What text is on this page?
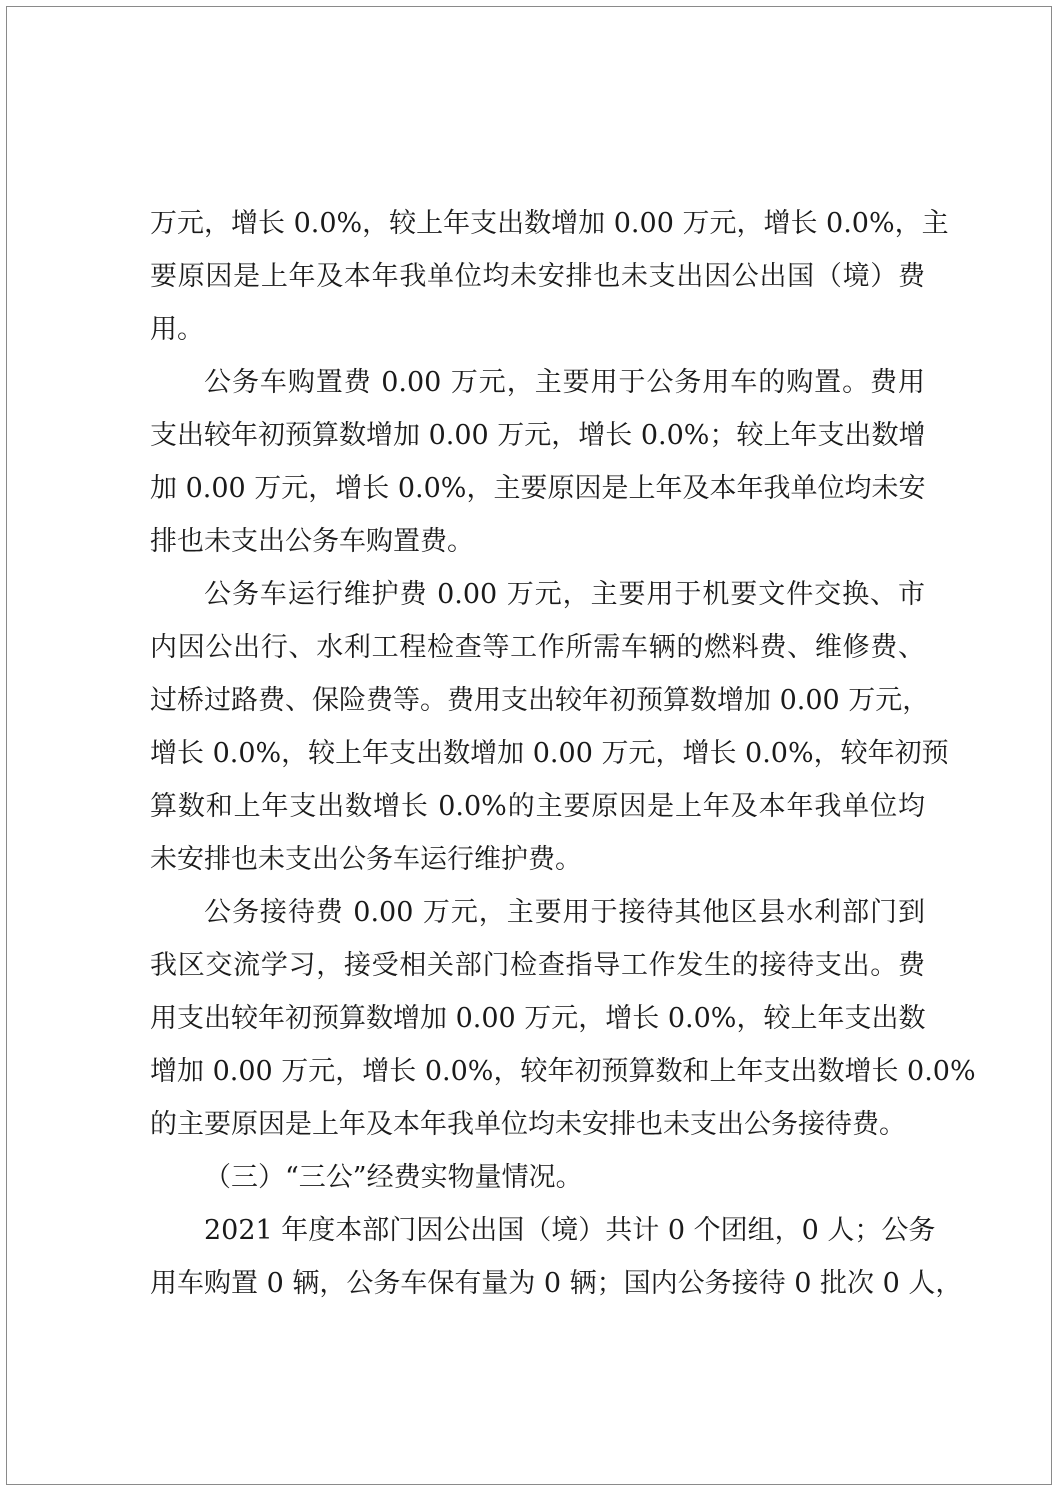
万元，增长 0.0%，较上年支出数增加 0.00 万元，增长 0.0%，主
要原因是上年及本年我单位均未安排也未支出因公出国（境）费
用。
公务车购置费 0.00 万元，主要用于公务用车的购置。费用
支出较年初预算数增加 0.00 万元，增长 0.0%；较上年支出数增
加 0.00 万元，增长 0.0%，主要原因是上年及本年我单位均未安
排也未支出公务车购置费。
公务车运行维护费 0.00 万元，主要用于机要文件交换、市
内因公出行、水利工程检查等工作所需车辆的燃料费、维修费、
过桥过路费、保险费等。费用支出较年初预算数增加 0.00 万元，
增长 0.0%，较上年支出数增加 0.00 万元，增长 0.0%，较年初预
算数和上年支出数增长 0.0%的主要原因是上年及本年我单位均
未安排也未支出公务车运行维护费。
公务接待费 0.00 万元，主要用于接待其他区县水利部门到
我区交流学习，接受相关部门检查指导工作发生的接待支出。费
用支出较年初预算数增加 0.00 万元，增长 0.0%，较上年支出数
增加 0.00 万元，增长 0.0%，较年初预算数和上年支出数增长 0.0%
的主要原因是上年及本年我单位均未安排也未支出公务接待费。
（三）“三公”经费实物量情况。
2021 年度本部门因公出国（境）共计 0 个团组，0 人；公务
用车购置 0 辆，公务车保有量为 0 辆；国内公务接待 0 批次 0 人，
